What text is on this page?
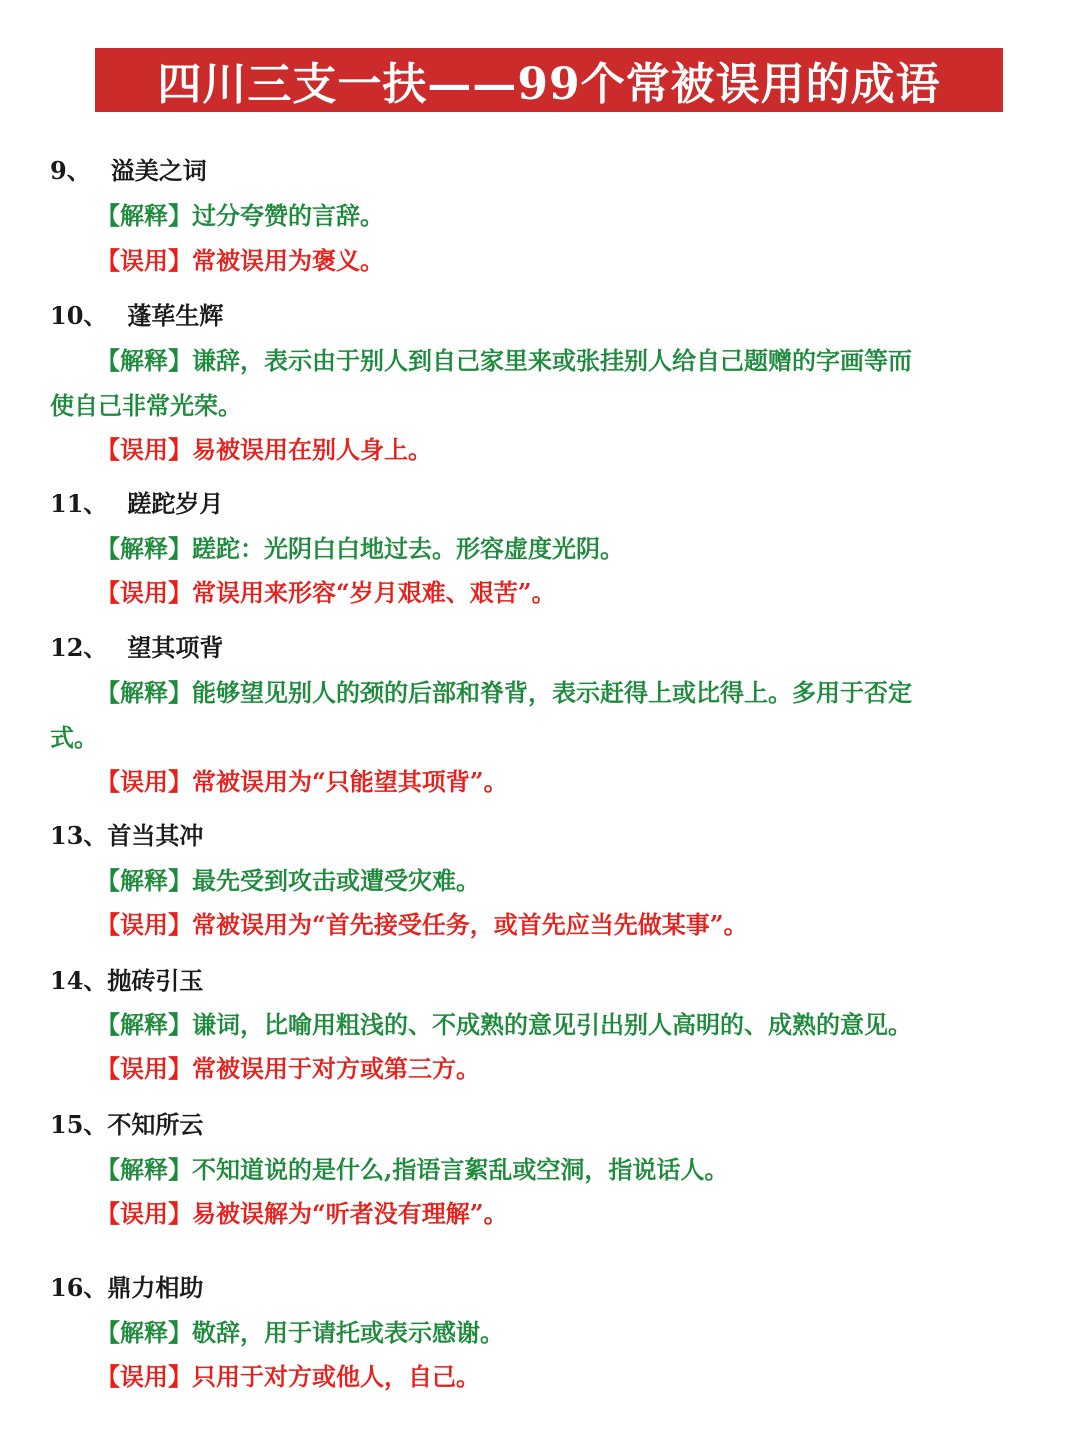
四川三支一扶——99个常被误用的成语
9、 溢美之词
【解释】过分夸赞的言辞。
【误用】常被误用为褒义。
10、 蓬荜生辉
【解释】谦辞，表示由于别人到自己家里来或张挂别人给自己题赠的字画等而
使自己非常光荣。
【误用】易被误用在别人身上。
11、 蹉跎岁月
【解释】蹉跎：光阴白白地过去。形容虚度光阴。
【误用】常误用来形容“岁月艰难、艰苦”。
12、 望其项背
【解释】能够望见别人的颈的后部和脊背，表示赶得上或比得上。多用于否定
式。
【误用】常被误用为“只能望其项背”。
13、首当其冲
【解释】最先受到攻击或遭受灾难。
【误用】常被误用为“首先接受任务，或首先应当先做某事”。
14、抛砖引玉
【解释】谦词，比喻用粗浅的、不成熟的意见引出别人高明的、成熟的意见。
【误用】常被误用于对方或第三方。
15、不知所云
【解释】不知道说的是什么,指语言絮乱或空洞，指说话人。
【误用】易被误解为“听者没有理解”。
16、鼎力相助
【解释】敬辞，用于请托或表示感谢。
【误用】只用于对方或他人，自己。
